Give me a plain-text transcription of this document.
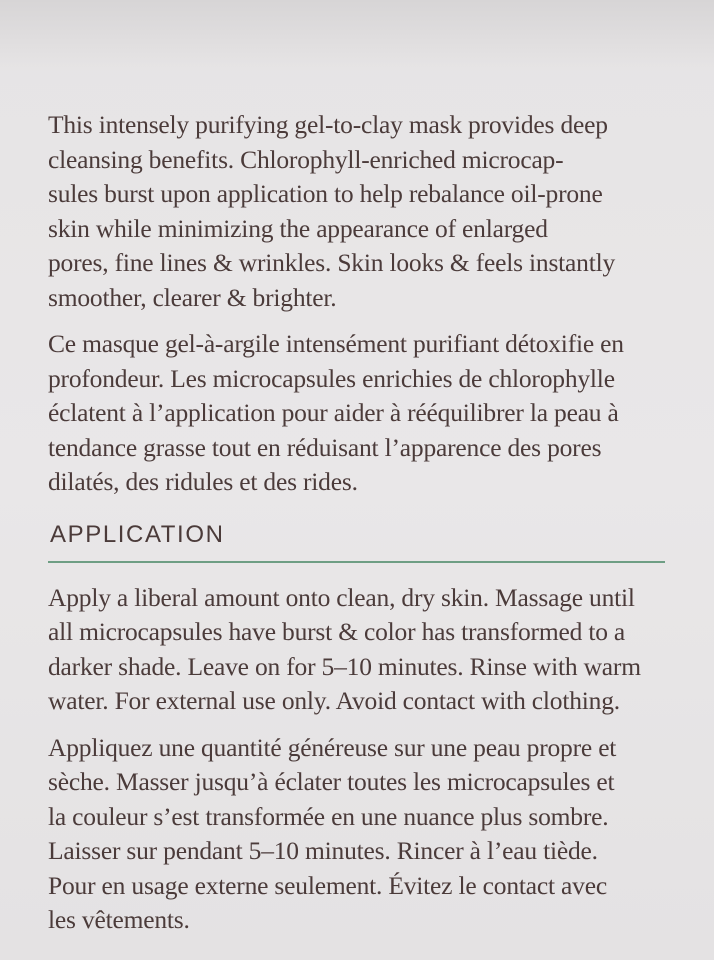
This intensely purifying gel-to-clay mask provides deep
cleansing benefits. Chlorophyll-enriched microcap-
sules burst upon application to help rebalance oil-prone
skin while minimizing the appearance of enlarged
pores, fine lines & wrinkles. Skin looks & feels instantly
smoother, clearer & brighter.

Ce masque gel-à-argile intensément purifiant détoxifie en
profondeur. Les microcapsules enrichies de chlorophylle
éclatent à l’application pour aider à rééquilibrer la peau à
tendance grasse tout en réduisant l’apparence des pores
dilatés, des ridules et des rides.

APPLICATION

Apply a liberal amount onto clean, dry skin. Massage until
all microcapsules have burst & color has transformed to a
darker shade. Leave on for 5–10 minutes. Rinse with warm
water. For external use only. Avoid contact with clothing.

Appliquez une quantité généreuse sur une peau propre et
sèche. Masser jusqu’à éclater toutes les microcapsules et
la couleur s’est transformée en une nuance plus sombre.
Laisser sur pendant 5–10 minutes. Rincer à l’eau tiède.
Pour en usage externe seulement. Évitez le contact avec
les vêtements.
